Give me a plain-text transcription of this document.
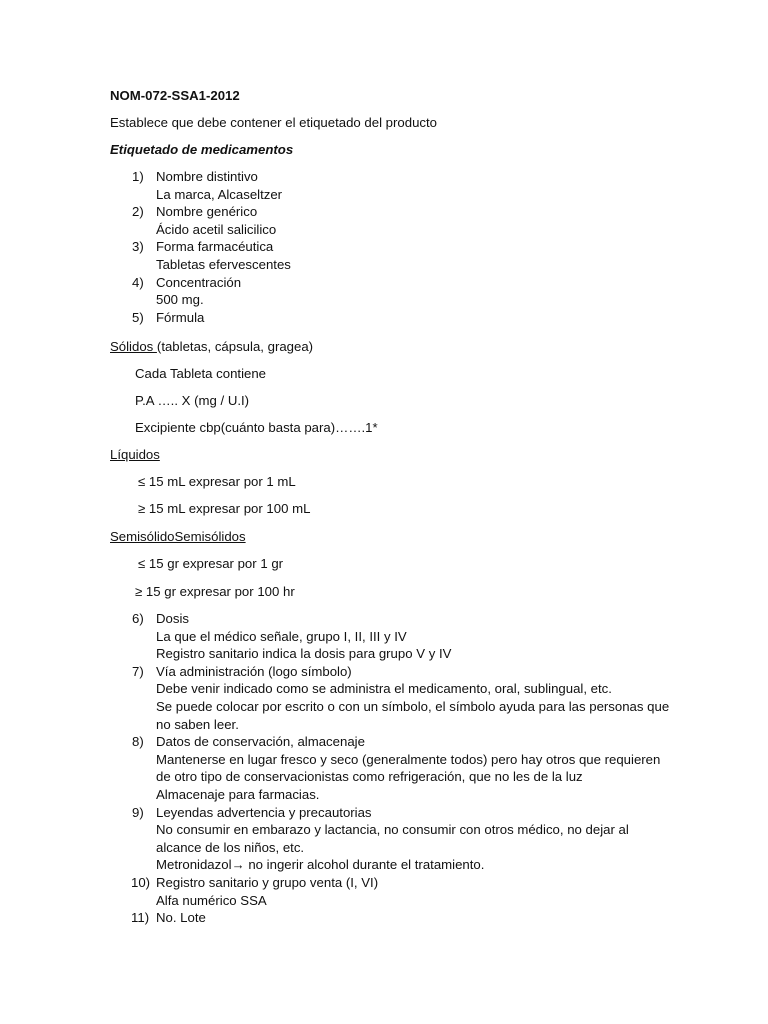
NOM-072-SSA1-2012
Establece que debe contener el etiquetado del producto
Etiquetado de medicamentos
1) Nombre distintivo
La marca, Alcaseltzer
2) Nombre genérico
Ácido acetil salicilico
3) Forma farmacéutica
Tabletas efervescentes
4) Concentración
500 mg.
5) Fórmula
Sólidos (tabletas, cápsula, gragea)
Cada Tableta contiene
P.A ….. X (mg / U.I)
Excipiente cbp(cuánto basta para)…….1*
Líquidos
≤ 15 mL expresar por 1 mL
≥ 15 mL expresar por 100 mL
SemisólidoSemisólidos
≤ 15 gr expresar por 1 gr
≥ 15 gr expresar por 100 hr
6) Dosis
La que el médico señale, grupo I, II, III y IV
Registro sanitario indica la dosis para grupo V y IV
7) Vía administración (logo símbolo)
Debe venir indicado como se administra el medicamento, oral, sublingual, etc.
Se puede colocar por escrito o con un símbolo, el símbolo ayuda para las personas que
no saben leer.
8) Datos de conservación, almacenaje
Mantenerse en lugar fresco y seco (generalmente todos) pero hay otros que requieren
de otro tipo de conservacionistas como refrigeración, que no les de la luz
Almacenaje para farmacias.
9) Leyendas advertencia y precautorias
No consumir en embarazo y lactancia, no consumir con otros médico, no dejar al
alcance de los niños, etc.
Metronidazol→ no ingerir alcohol durante el tratamiento.
10) Registro sanitario y grupo venta (I, VI)
Alfa numérico SSA
11) No. Lote
